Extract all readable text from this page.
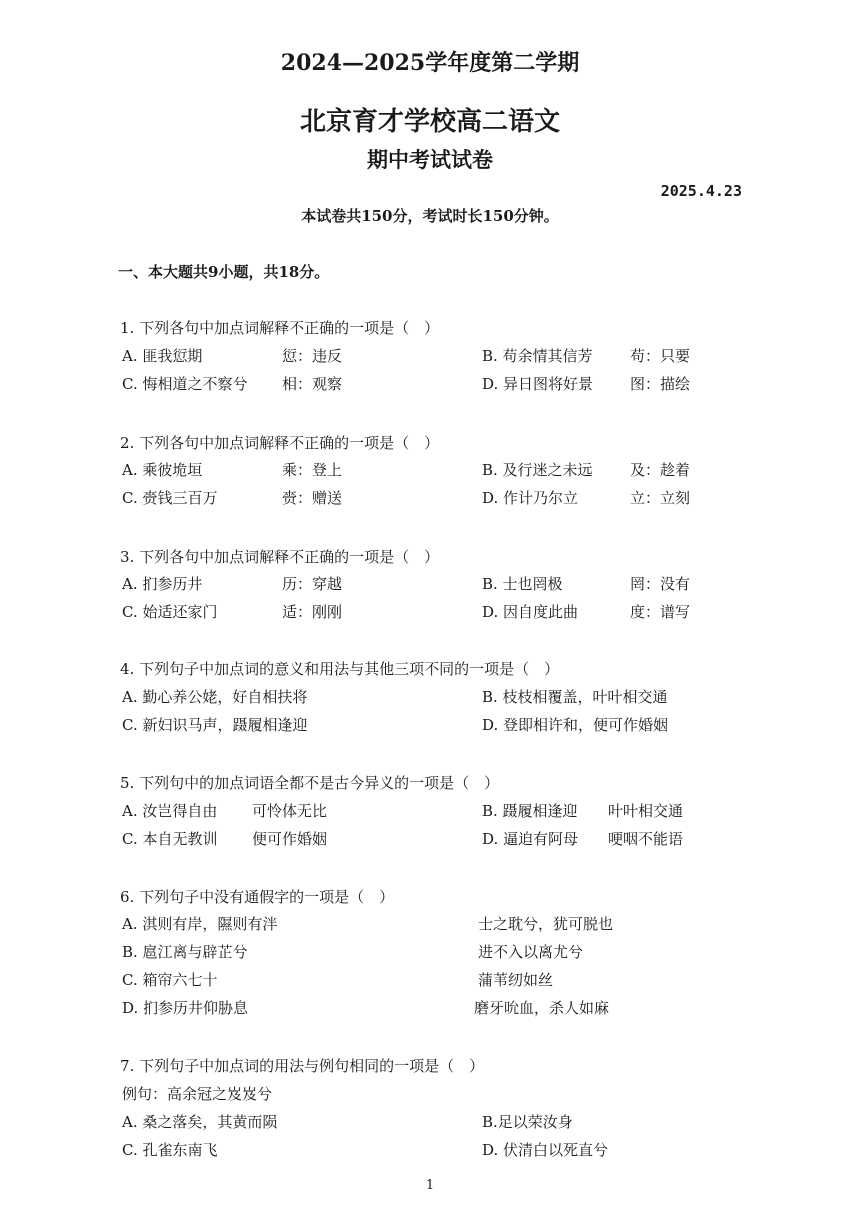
2024—2025学年度第二学期
北京育才学校高二语文
期中考试试卷
2025.4.23
本试卷共150分，考试时长150分钟。
一、本大题共9小题，共18分。
1. 下列各句中加点词解释不正确的一项是（　）
A. 匪我愆期	愆：违反	B. 苟余情其信芳 苟：只要
C. 悔相道之不察兮 相：观察	D. 异日图将好景 图：描绘
2. 下列各句中加点词解释不正确的一项是（　）
A. 乘彼垝垣	乘：登上	B. 及行迷之未远 及：趁着
C. 赍钱三百万	赍：赠送	D. 作计乃尔立	立：立刻
3. 下列各句中加点词解释不正确的一项是（　）
A. 扪参历井	历：穿越	B. 士也罔极	罔：没有
C. 始适还家门	适：刚刚	D. 因自度此曲	度：谱写
4. 下列句子中加点词的意义和用法与其他三项不同的一项是（　）
A. 勤心养公姥，好自相扶将	B. 枝枝相覆盖，叶叶相交通
C. 新妇识马声，蹑履相逢迎	D. 登即相许和，便可作婚姻
5. 下列句中的加点词语全都不是古今异义的一项是（　）
A. 汝岂得自由 可怜体无比	B. 蹑履相逢迎 叶叶相交通
C. 本自无教训 便可作婚姻	D. 逼迫有阿母 哽咽不能语
6. 下列句子中没有通假字的一项是（　）
A. 淇则有岸，隰则有泮	士之耽兮，犹可脱也
B. 扈江离与辟芷兮	进不入以离尤兮
C. 箱帘六七十	蒲苇纫如丝
D. 扪参历井仰胁息	磨牙吮血，杀人如麻
7. 下列句子中加点词的用法与例句相同的一项是（　）
例句：高余冠之岌岌兮
A. 桑之落矣，其黄而陨	B.足以荣汝身
C. 孔雀东南飞	D. 伏清白以死直兮
1
